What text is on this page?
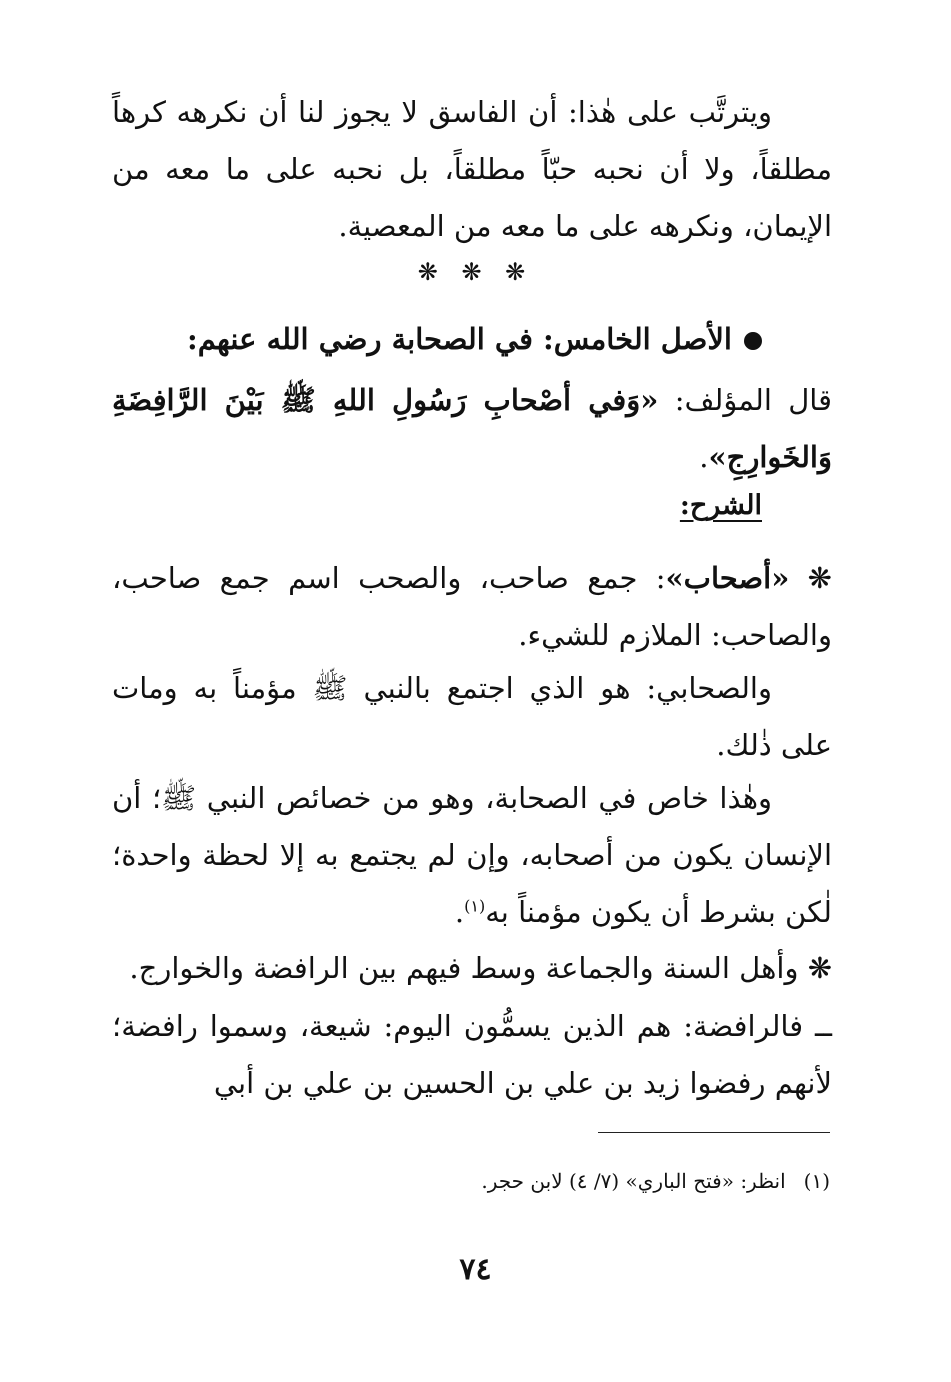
ويترتَّب على هٰذا: أن الفاسق لا يجوز لنا أن نكرهه كرهاً مطلقاً، ولا أن نحبه حبّاً مطلقاً، بل نحبه على ما معه من الإيمان، ونكرهه على ما معه من المعصية.
❋ ❋ ❋
الأصل الخامس: في الصحابة رضي الله عنهم:
قال المؤلف: «وَفي أصْحابِ رَسُولِ اللهِ ﷺ بَيْنَ الرَّافِضَةِ وَالخَوارِجِ».
الشرح:
❋ «أصحاب»: جمع صاحب، والصحب اسم جمع صاحب، والصاحب: الملازم للشيء.
والصحابي: هو الذي اجتمع بالنبي ﷺ مؤمناً به ومات على ذٰلك.
وهٰذا خاص في الصحابة، وهو من خصائص النبي ﷺ؛ أن الإنسان يكون من أصحابه، وإن لم يجتمع به إلا لحظة واحدة؛ لٰكن بشرط أن يكون مؤمناً به$^{(١)}$.
❋ وأهل السنة والجماعة وسط فيهم بين الرافضة والخوارج.
ــ فالرافضة: هم الذين يسمُّون اليوم: شيعة، وسموا رافضة؛ لأنهم رفضوا زيد بن علي بن الحسين بن علي بن أبي
(١)انظر: «فتح الباري» (٧/ ٤) لابن حجر.
٧٤
